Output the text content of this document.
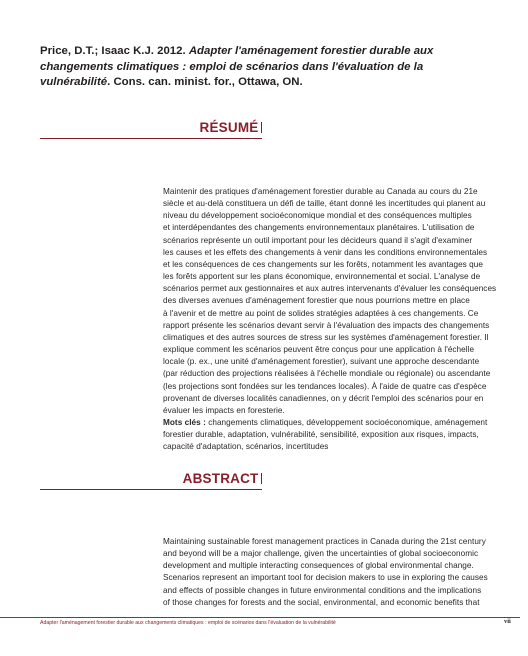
Price, D.T.; Isaac K.J. 2012. Adapter l'aménagement forestier durable aux changements climatiques : emploi de scénarios dans l'évaluation de la vulnérabilité. Cons. can. minist. for., Ottawa, ON.
RÉSUMÉ
Maintenir des pratiques d'aménagement forestier durable au Canada au cours du 21e
siècle et au-delà constituera un défi de taille, étant donné les incertitudes qui planent au
niveau du développement socioéconomique mondial et des conséquences multiples
et interdépendantes des changements environnementaux planétaires. L'utilisation de
scénarios représente un outil important pour les décideurs quand il s'agit d'examiner
les causes et les effets des changements à venir dans les conditions environnementales
et les conséquences de ces changements sur les forêts, notamment les avantages que
les forêts apportent sur les plans économique, environnemental et social. L'analyse de
scénarios permet aux gestionnaires et aux autres intervenants d'évaluer les conséquences
des diverses avenues d'aménagement forestier que nous pourrions mettre en place
à l'avenir et de mettre au point de solides stratégies adaptées à ces changements. Ce
rapport présente les scénarios devant servir à l'évaluation des impacts des changements
climatiques et des autres sources de stress sur les systèmes d'aménagement forestier. Il
explique comment les scénarios peuvent être conçus pour une application à l'échelle
locale (p. ex., une unité d'aménagement forestier), suivant une approche descendante
(par réduction des projections réalisées à l'échelle mondiale ou régionale) ou ascendante
(les projections sont fondées sur les tendances locales). À l'aide de quatre cas d'espèce
provenant de diverses localités canadiennes, on y décrit l'emploi des scénarios pour en
évaluer les impacts en foresterie.
Mots clés : changements climatiques, développement socioéconomique, aménagement
forestier durable, adaptation, vulnérabilité, sensibilité, exposition aux risques, impacts,
capacité d'adaptation, scénarios, incertitudes
ABSTRACT
Maintaining sustainable forest management practices in Canada during the 21st century
and beyond will be a major challenge, given the uncertainties of global socioeconomic
development and multiple interacting consequences of global environmental change.
Scenarios represent an important tool for decision makers to use in exploring the causes
and effects of possible changes in future environmental conditions and the implications
of those changes for forests and the social, environmental, and economic benefits that
Adapter l'aménagement forestier durable aux changements climatiques : emploi de scénarios dans l'évaluation de la vulnérabilité	vii
